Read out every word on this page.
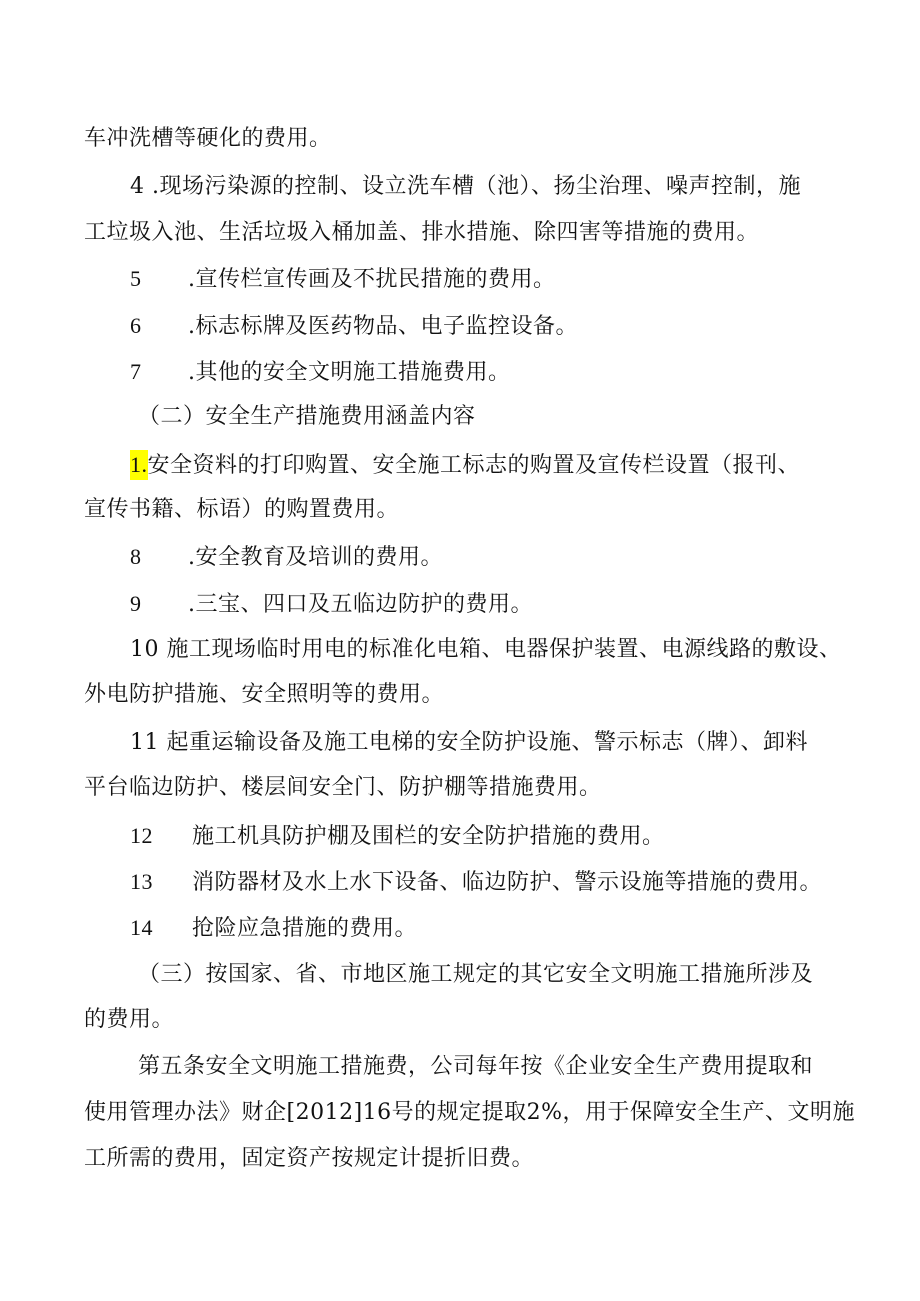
车冲洗槽等硬化的费用。
4 .现场污染源的控制、设立洗车槽（池）、扬尘治理、噪声控制，施
工垃圾入池、生活垃圾入桶加盖、排水措施、除四害等措施的费用。
5 .宣传栏宣传画及不扰民措施的费用。
6 .标志标牌及医药物品、电子监控设备。
7 .其他的安全文明施工措施费用。
（二）安全生产措施费用涵盖内容
1.安全资料的打印购置、安全施工标志的购置及宣传栏设置（报刊、
宣传书籍、标语）的购置费用。
8 .安全教育及培训的费用。
9 .三宝、四口及五临边防护的费用。
10 施工现场临时用电的标准化电箱、电器保护装置、电源线路的敷设、
外电防护措施、安全照明等的费用。
11 起重运输设备及施工电梯的安全防护设施、警示标志（牌）、卸料
平台临边防护、楼层间安全门、防护棚等措施费用。
12 施工机具防护棚及围栏的安全防护措施的费用。
13 消防器材及水上水下设备、临边防护、警示设施等措施的费用。
14 抢险应急措施的费用。
（三）按国家、省、市地区施工规定的其它安全文明施工措施所涉及
的费用。
第五条安全文明施工措施费，公司每年按《企业安全生产费用提取和
使用管理办法》财企[2012]16号的规定提取2%，用于保障安全生产、文明施
工所需的费用，固定资产按规定计提折旧费。
